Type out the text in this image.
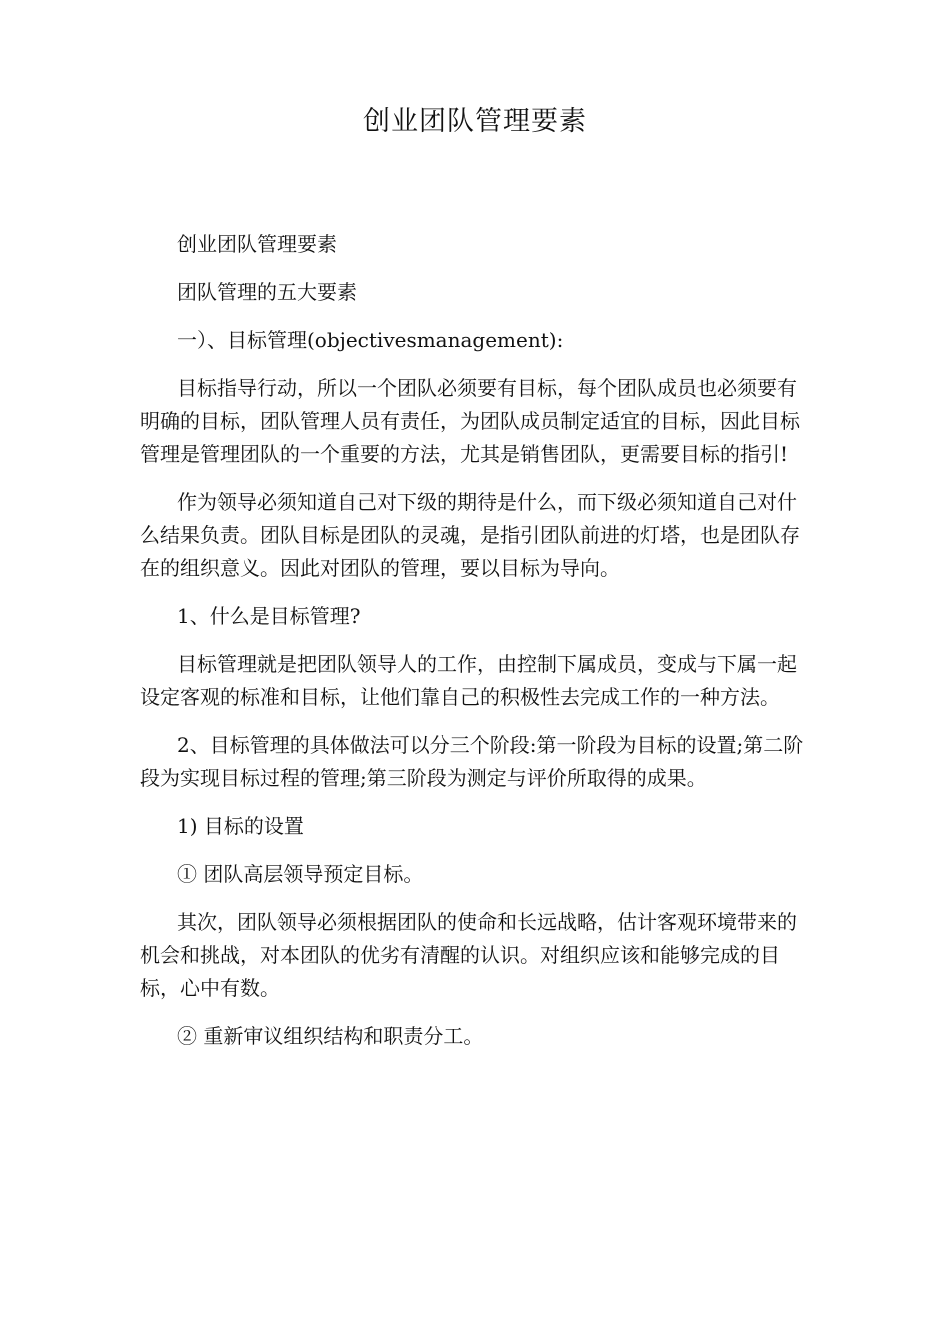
创业团队管理要素

创业团队管理要素

团队管理的五大要素

一）、目标管理(objectivesmanagement):

目标指导行动，所以一个团队必须要有目标，每个团队成员也必须要有明确的目标，团队管理人员有责任，为团队成员制定适宜的目标，因此目标管理是管理团队的一个重要的方法，尤其是销售团队，更需要目标的指引!

作为领导必须知道自己对下级的期待是什么，而下级必须知道自己对什么结果负责。团队目标是团队的灵魂，是指引团队前进的灯塔，也是团队存在的组织意义。因此对团队的管理，要以目标为导向。

1、什么是目标管理?

目标管理就是把团队领导人的工作，由控制下属成员，变成与下属一起设定客观的标准和目标，让他们靠自己的积极性去完成工作的一种方法。

2、目标管理的具体做法可以分三个阶段:第一阶段为目标的设置;第二阶段为实现目标过程的管理;第三阶段为测定与评价所取得的成果。

1) 目标的设置

① 团队高层领导预定目标。

其次，团队领导必须根据团队的使命和长远战略，估计客观环境带来的机会和挑战，对本团队的优劣有清醒的认识。对组织应该和能够完成的目标，心中有数。

② 重新审议组织结构和职责分工。
